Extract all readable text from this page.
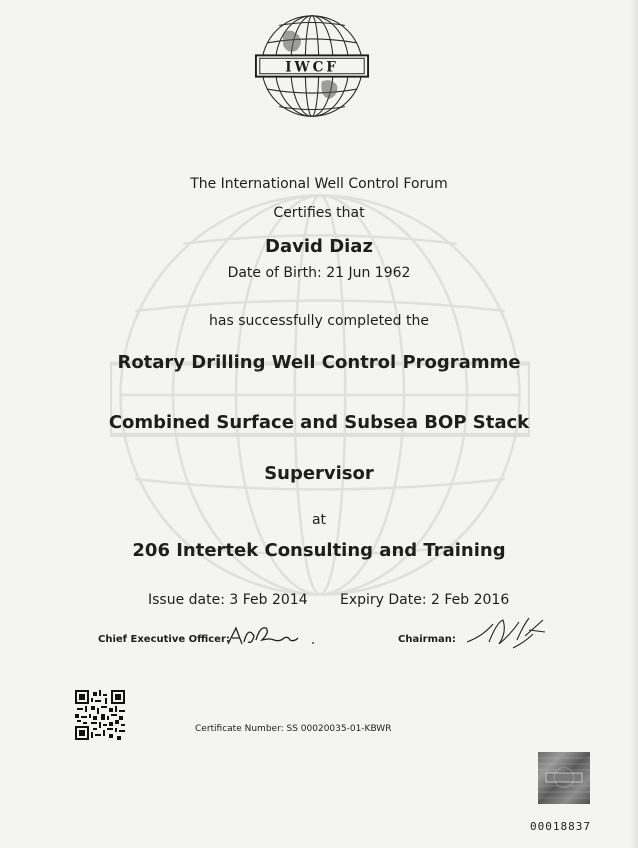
IWCF
The International Well Control Forum
Certifies that
David Diaz
Date of Birth: 21 Jun 1962
has successfully completed the
Rotary Drilling Well Control Programme
Combined Surface and Subsea BOP Stack
Supervisor
at
206 Intertek Consulting and Training
Issue date: 3 Feb 2014 Expiry Date: 2 Feb 2016
Chief Executive Officer:	Chairman:
Certificate Number: SS 00020035-01-KBWR
00018837
